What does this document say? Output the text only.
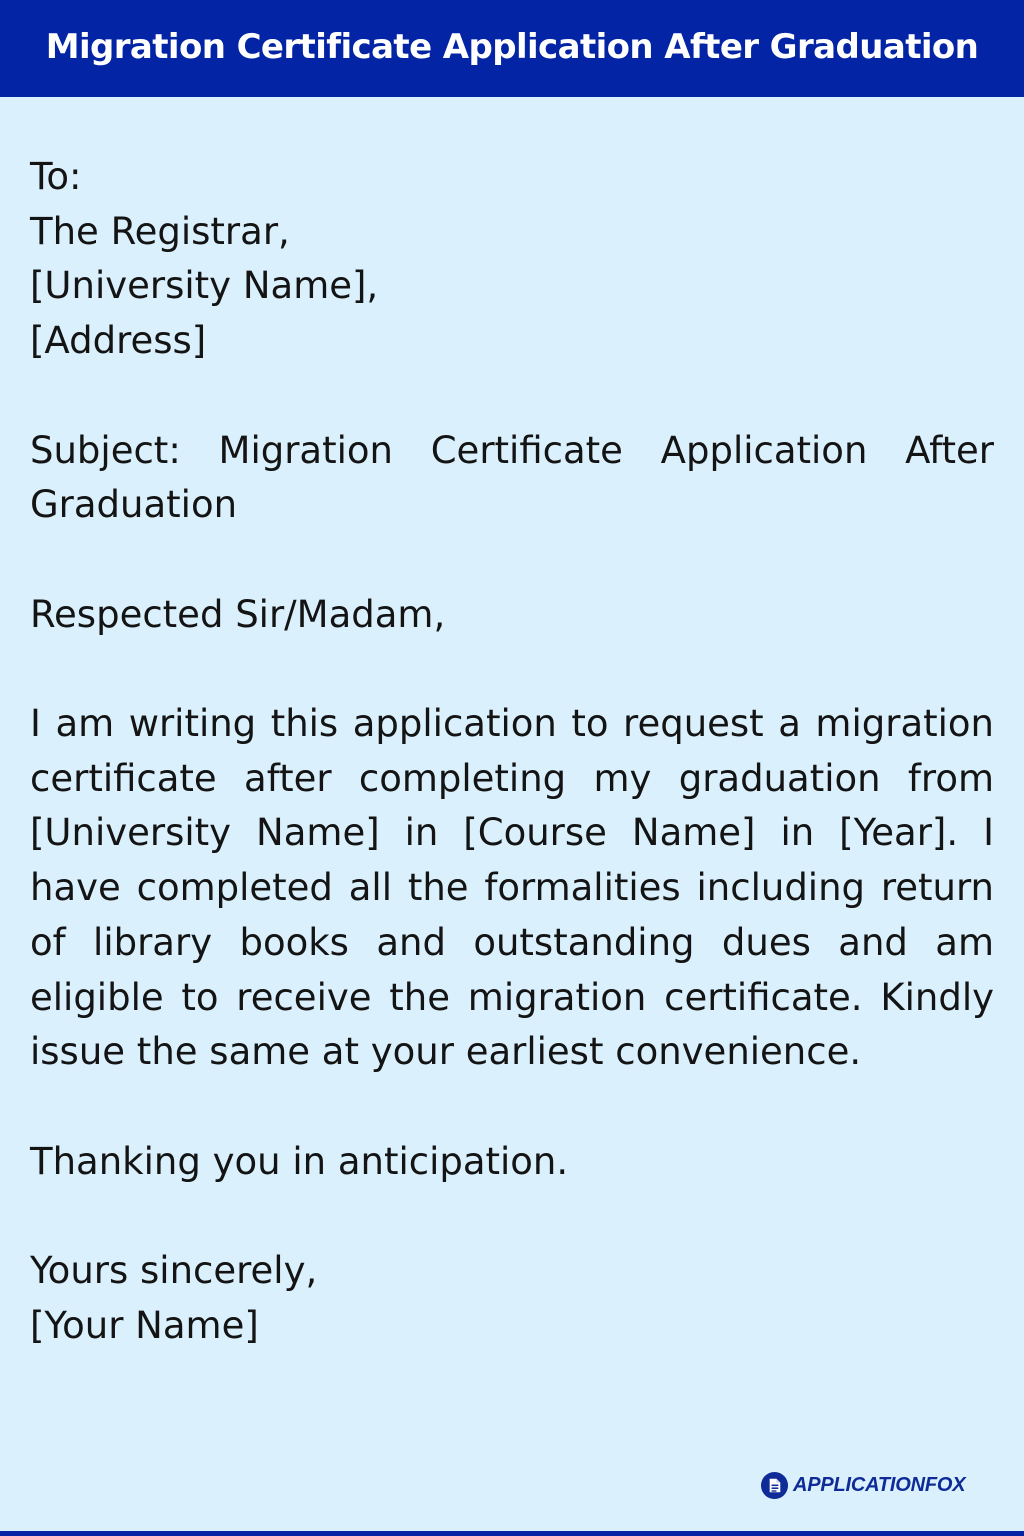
Migration Certificate Application After Graduation
To:
The Registrar,
[University Name],
[Address]
Subject: Migration Certificate Application After Graduation
Respected Sir/Madam,
I am writing this application to request a migration certificate after completing my graduation from [University Name] in [Course Name] in [Year]. I have completed all the formalities including return of library books and outstanding dues and am eligible to receive the migration certificate. Kindly issue the same at your earliest convenience.
Thanking you in anticipation.
Yours sincerely,
[Your Name]
APPLICATIONFOX
